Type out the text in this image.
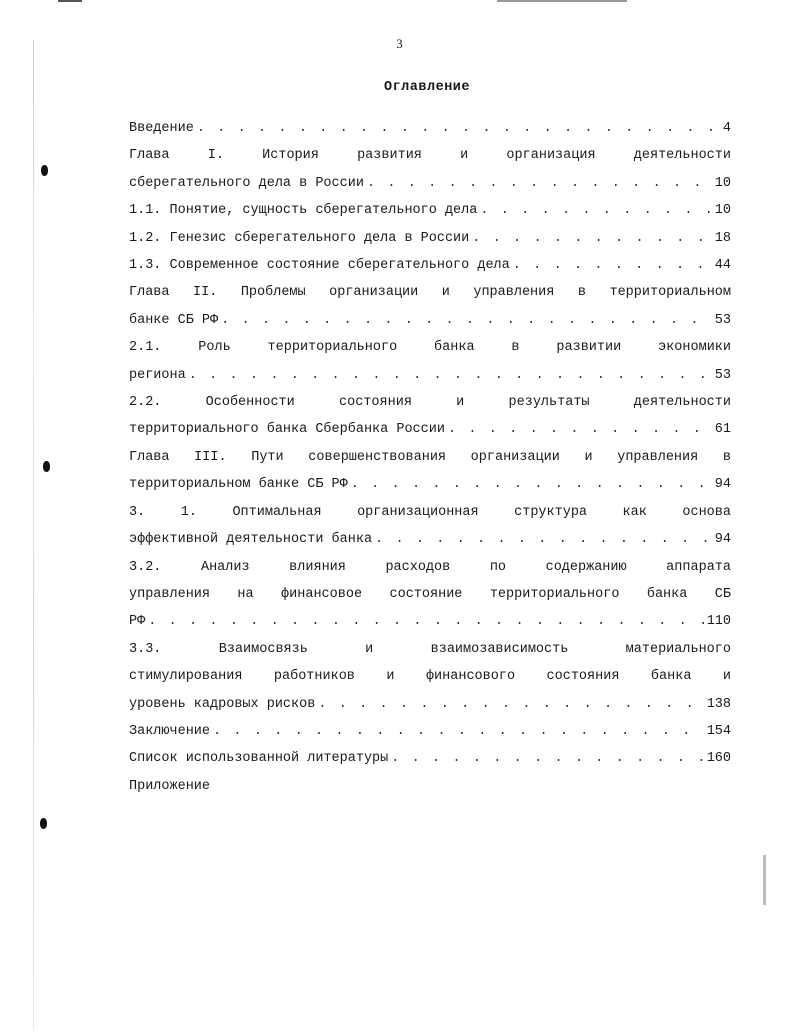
3
Оглавление
Введение . . .	4
Глава I. История развития и организация деятельности
сберегательного дела в России . . .	10
1.1. Понятие, сущность сберегательного дела . . .	10
1.2. Генезис сберегательного дела в России . . .	18
1.3. Современное состояние сберегательного дела . . .	44
Глава II. Проблемы организации и управления в территориальном
банке СБ РФ . . .	53
2.1. Роль территориального банка в развитии экономики
региона . . .	53
2.2. Особенности состояния и результаты деятельности
территориального банка Сбербанка России . . .	61
Глава III. Пути совершенствования организации и управления в
территориальном банке СБ РФ . . .	94
3. 1. Оптимальная организационная структура как основа
эффективной деятельности банка . . .	94
3.2. Анализ влияния расходов по содержанию аппарата
управления на финансовое состояние территориального банка СБ
РФ . . .	110
3.3. Взаимосвязь и взаимозависимость материального
стимулирования работников и финансового состояния банка и
уровень кадровых рисков . . .	138
Заключение . . .	154
Список использованной литературы . . .	160
Приложение
